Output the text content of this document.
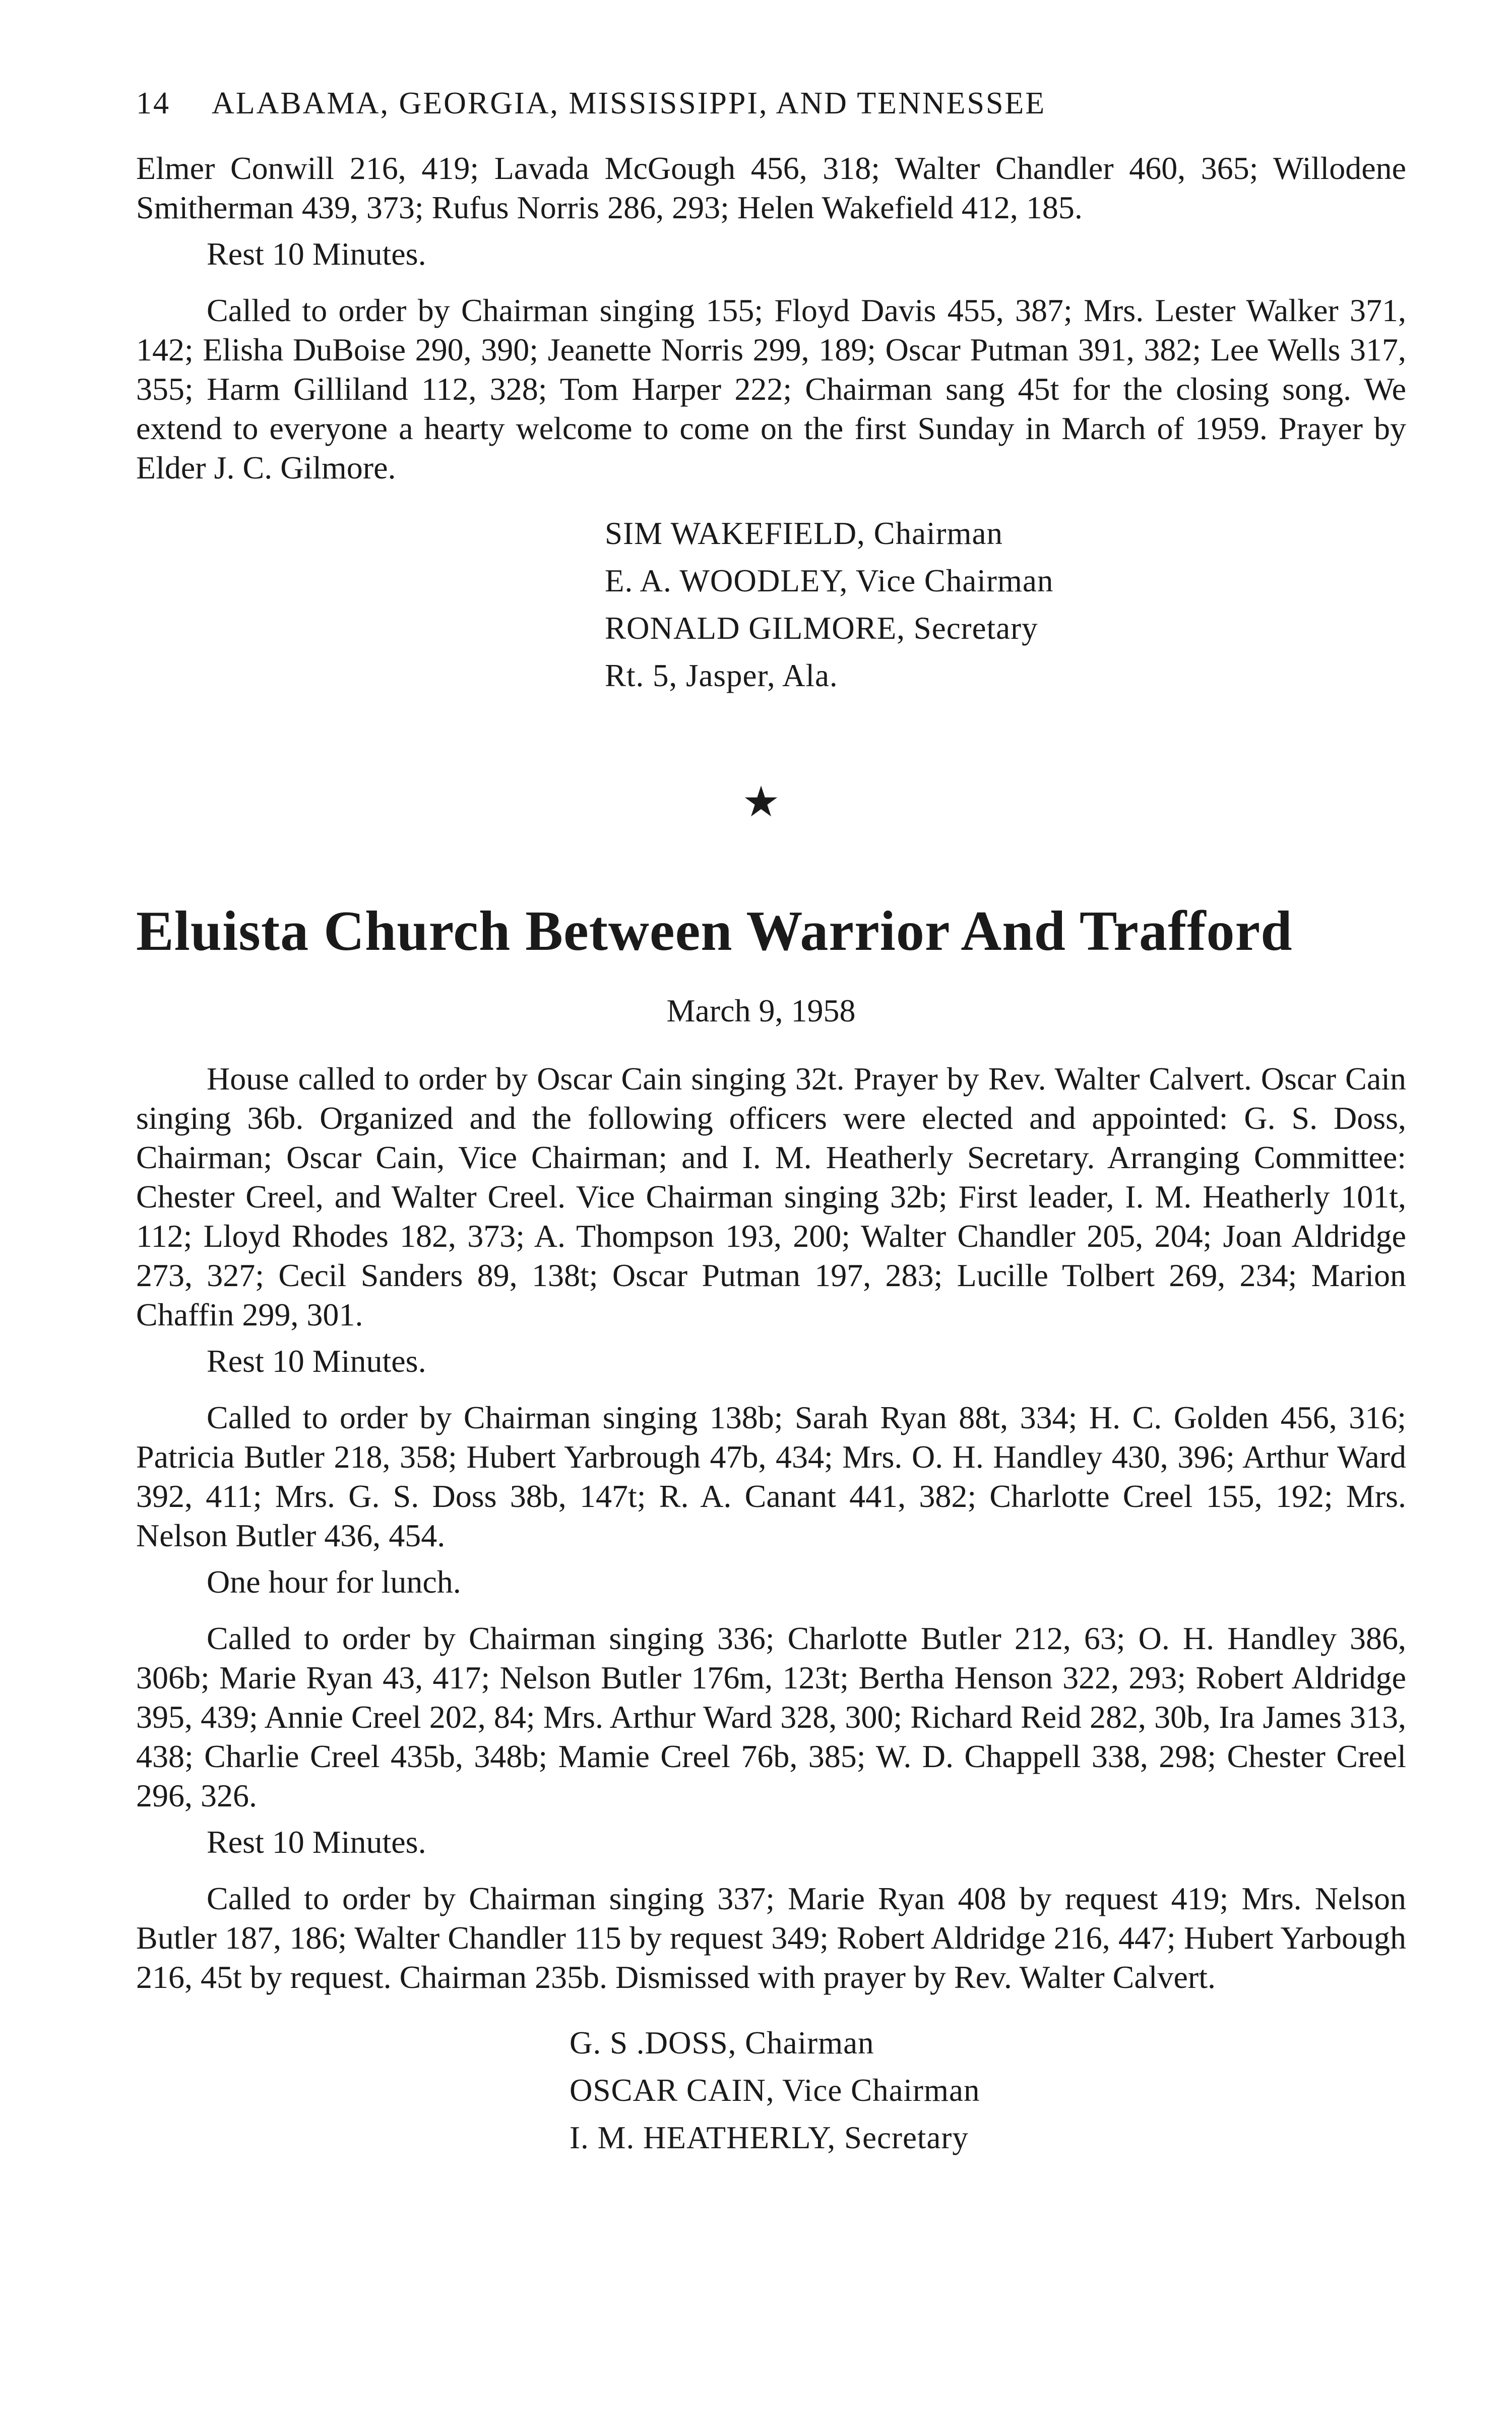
14	ALABAMA, GEORGIA, MISSISSIPPI, AND TENNESSEE

Elmer Conwill 216, 419; Lavada McGough 456, 318; Walter Chandler 460, 365; Willodene Smitherman 439, 373; Rufus Norris 286, 293; Helen Wakefield 412, 185.

Rest 10 Minutes.

Called to order by Chairman singing 155; Floyd Davis 455, 387; Mrs. Lester Walker 371, 142; Elisha DuBoise 290, 390; Jeanette Norris 299, 189; Oscar Putman 391, 382; Lee Wells 317, 355; Harm Gilliland 112, 328; Tom Harper 222; Chairman sang 45t for the closing song. We extend to everyone a hearty welcome to come on the first Sunday in March of 1959. Prayer by Elder J. C. Gilmore.

SIM WAKEFIELD, Chairman
E. A. WOODLEY, Vice Chairman
RONALD GILMORE, Secretary
Rt. 5, Jasper, Ala.
★
Eluista Church Between Warrior And Trafford
March 9, 1958

House called to order by Oscar Cain singing 32t. Prayer by Rev. Walter Calvert. Oscar Cain singing 36b. Organized and the following officers were elected and appointed: G. S. Doss, Chairman; Oscar Cain, Vice Chairman; and I. M. Heatherly Secretary. Arranging Committee: Chester Creel, and Walter Creel. Vice Chairman singing 32b; First leader, I. M. Heatherly 101t, 112; Lloyd Rhodes 182, 373; A. Thompson 193, 200; Walter Chandler 205, 204; Joan Aldridge 273, 327; Cecil Sanders 89, 138t; Oscar Putman 197, 283; Lucille Tolbert 269, 234; Marion Chaffin 299, 301.

Rest 10 Minutes.

Called to order by Chairman singing 138b; Sarah Ryan 88t, 334; H. C. Golden 456, 316; Patricia Butler 218, 358; Hubert Yarbrough 47b, 434; Mrs. O. H. Handley 430, 396; Arthur Ward 392, 411; Mrs. G. S. Doss 38b, 147t; R. A. Canant 441, 382; Charlotte Creel 155, 192; Mrs. Nelson Butler 436, 454.

One hour for lunch.

Called to order by Chairman singing 336; Charlotte Butler 212, 63; O. H. Handley 386, 306b; Marie Ryan 43, 417; Nelson Butler 176m, 123t; Bertha Henson 322, 293; Robert Aldridge 395, 439; Annie Creel 202, 84; Mrs. Arthur Ward 328, 300; Richard Reid 282, 30b, Ira James 313, 438; Charlie Creel 435b, 348b; Mamie Creel 76b, 385; W. D. Chappell 338, 298; Chester Creel 296, 326.

Rest 10 Minutes.

Called to order by Chairman singing 337; Marie Ryan 408 by request 419; Mrs. Nelson Butler 187, 186; Walter Chandler 115 by request 349; Robert Aldridge 216, 447; Hubert Yarbough 216, 45t by request. Chairman 235b. Dismissed with prayer by Rev. Walter Calvert.

G. S .DOSS, Chairman
OSCAR CAIN, Vice Chairman
I. M. HEATHERLY, Secretary
